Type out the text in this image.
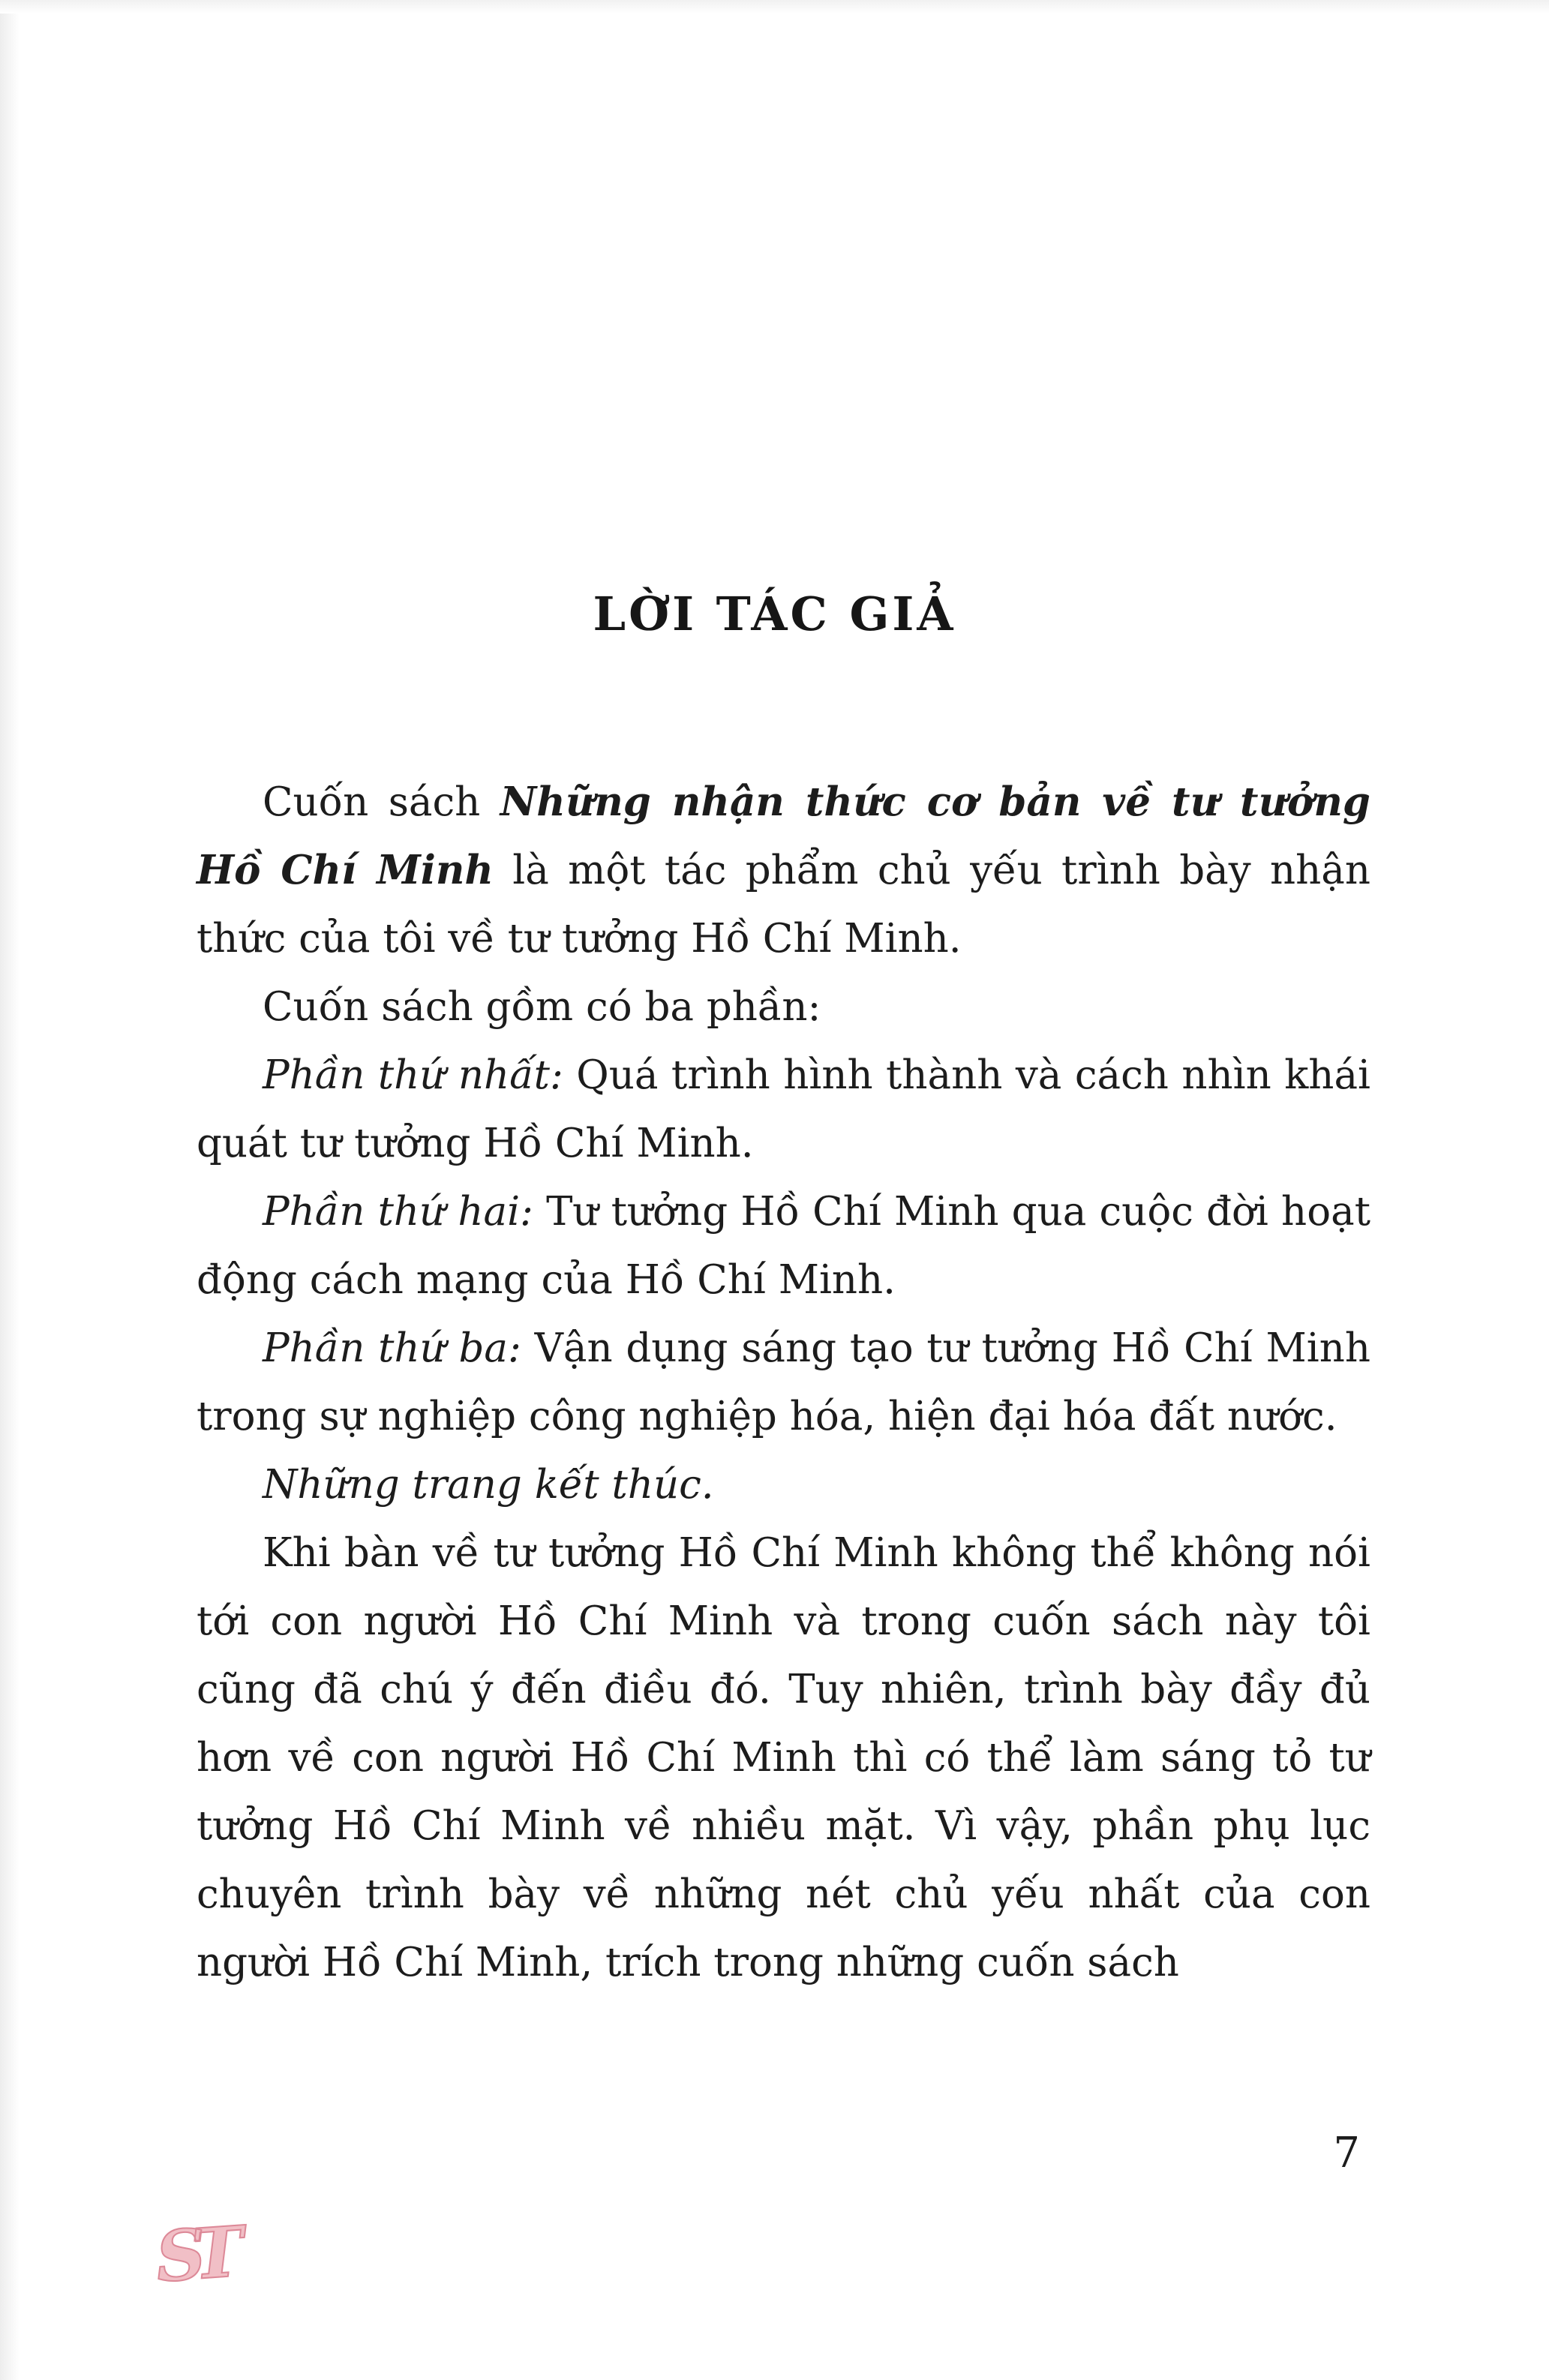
LỜI TÁC GIẢ

Cuốn sách Những nhận thức cơ bản về tư tưởng Hồ Chí Minh là một tác phẩm chủ yếu trình bày nhận thức của tôi về tư tưởng Hồ Chí Minh.

Cuốn sách gồm có ba phần:

Phần thứ nhất: Quá trình hình thành và cách nhìn khái quát tư tưởng Hồ Chí Minh.

Phần thứ hai: Tư tưởng Hồ Chí Minh qua cuộc đời hoạt động cách mạng của Hồ Chí Minh.

Phần thứ ba: Vận dụng sáng tạo tư tưởng Hồ Chí Minh trong sự nghiệp công nghiệp hóa, hiện đại hóa đất nước.

Những trang kết thúc.

Khi bàn về tư tưởng Hồ Chí Minh không thể không nói tới con người Hồ Chí Minh và trong cuốn sách này tôi cũng đã chú ý đến điều đó. Tuy nhiên, trình bày đầy đủ hơn về con người Hồ Chí Minh thì có thể làm sáng tỏ tư tưởng Hồ Chí Minh về nhiều mặt. Vì vậy, phần phụ lục chuyên trình bày về những nét chủ yếu nhất của con người Hồ Chí Minh, trích trong những cuốn sách

ST
7
